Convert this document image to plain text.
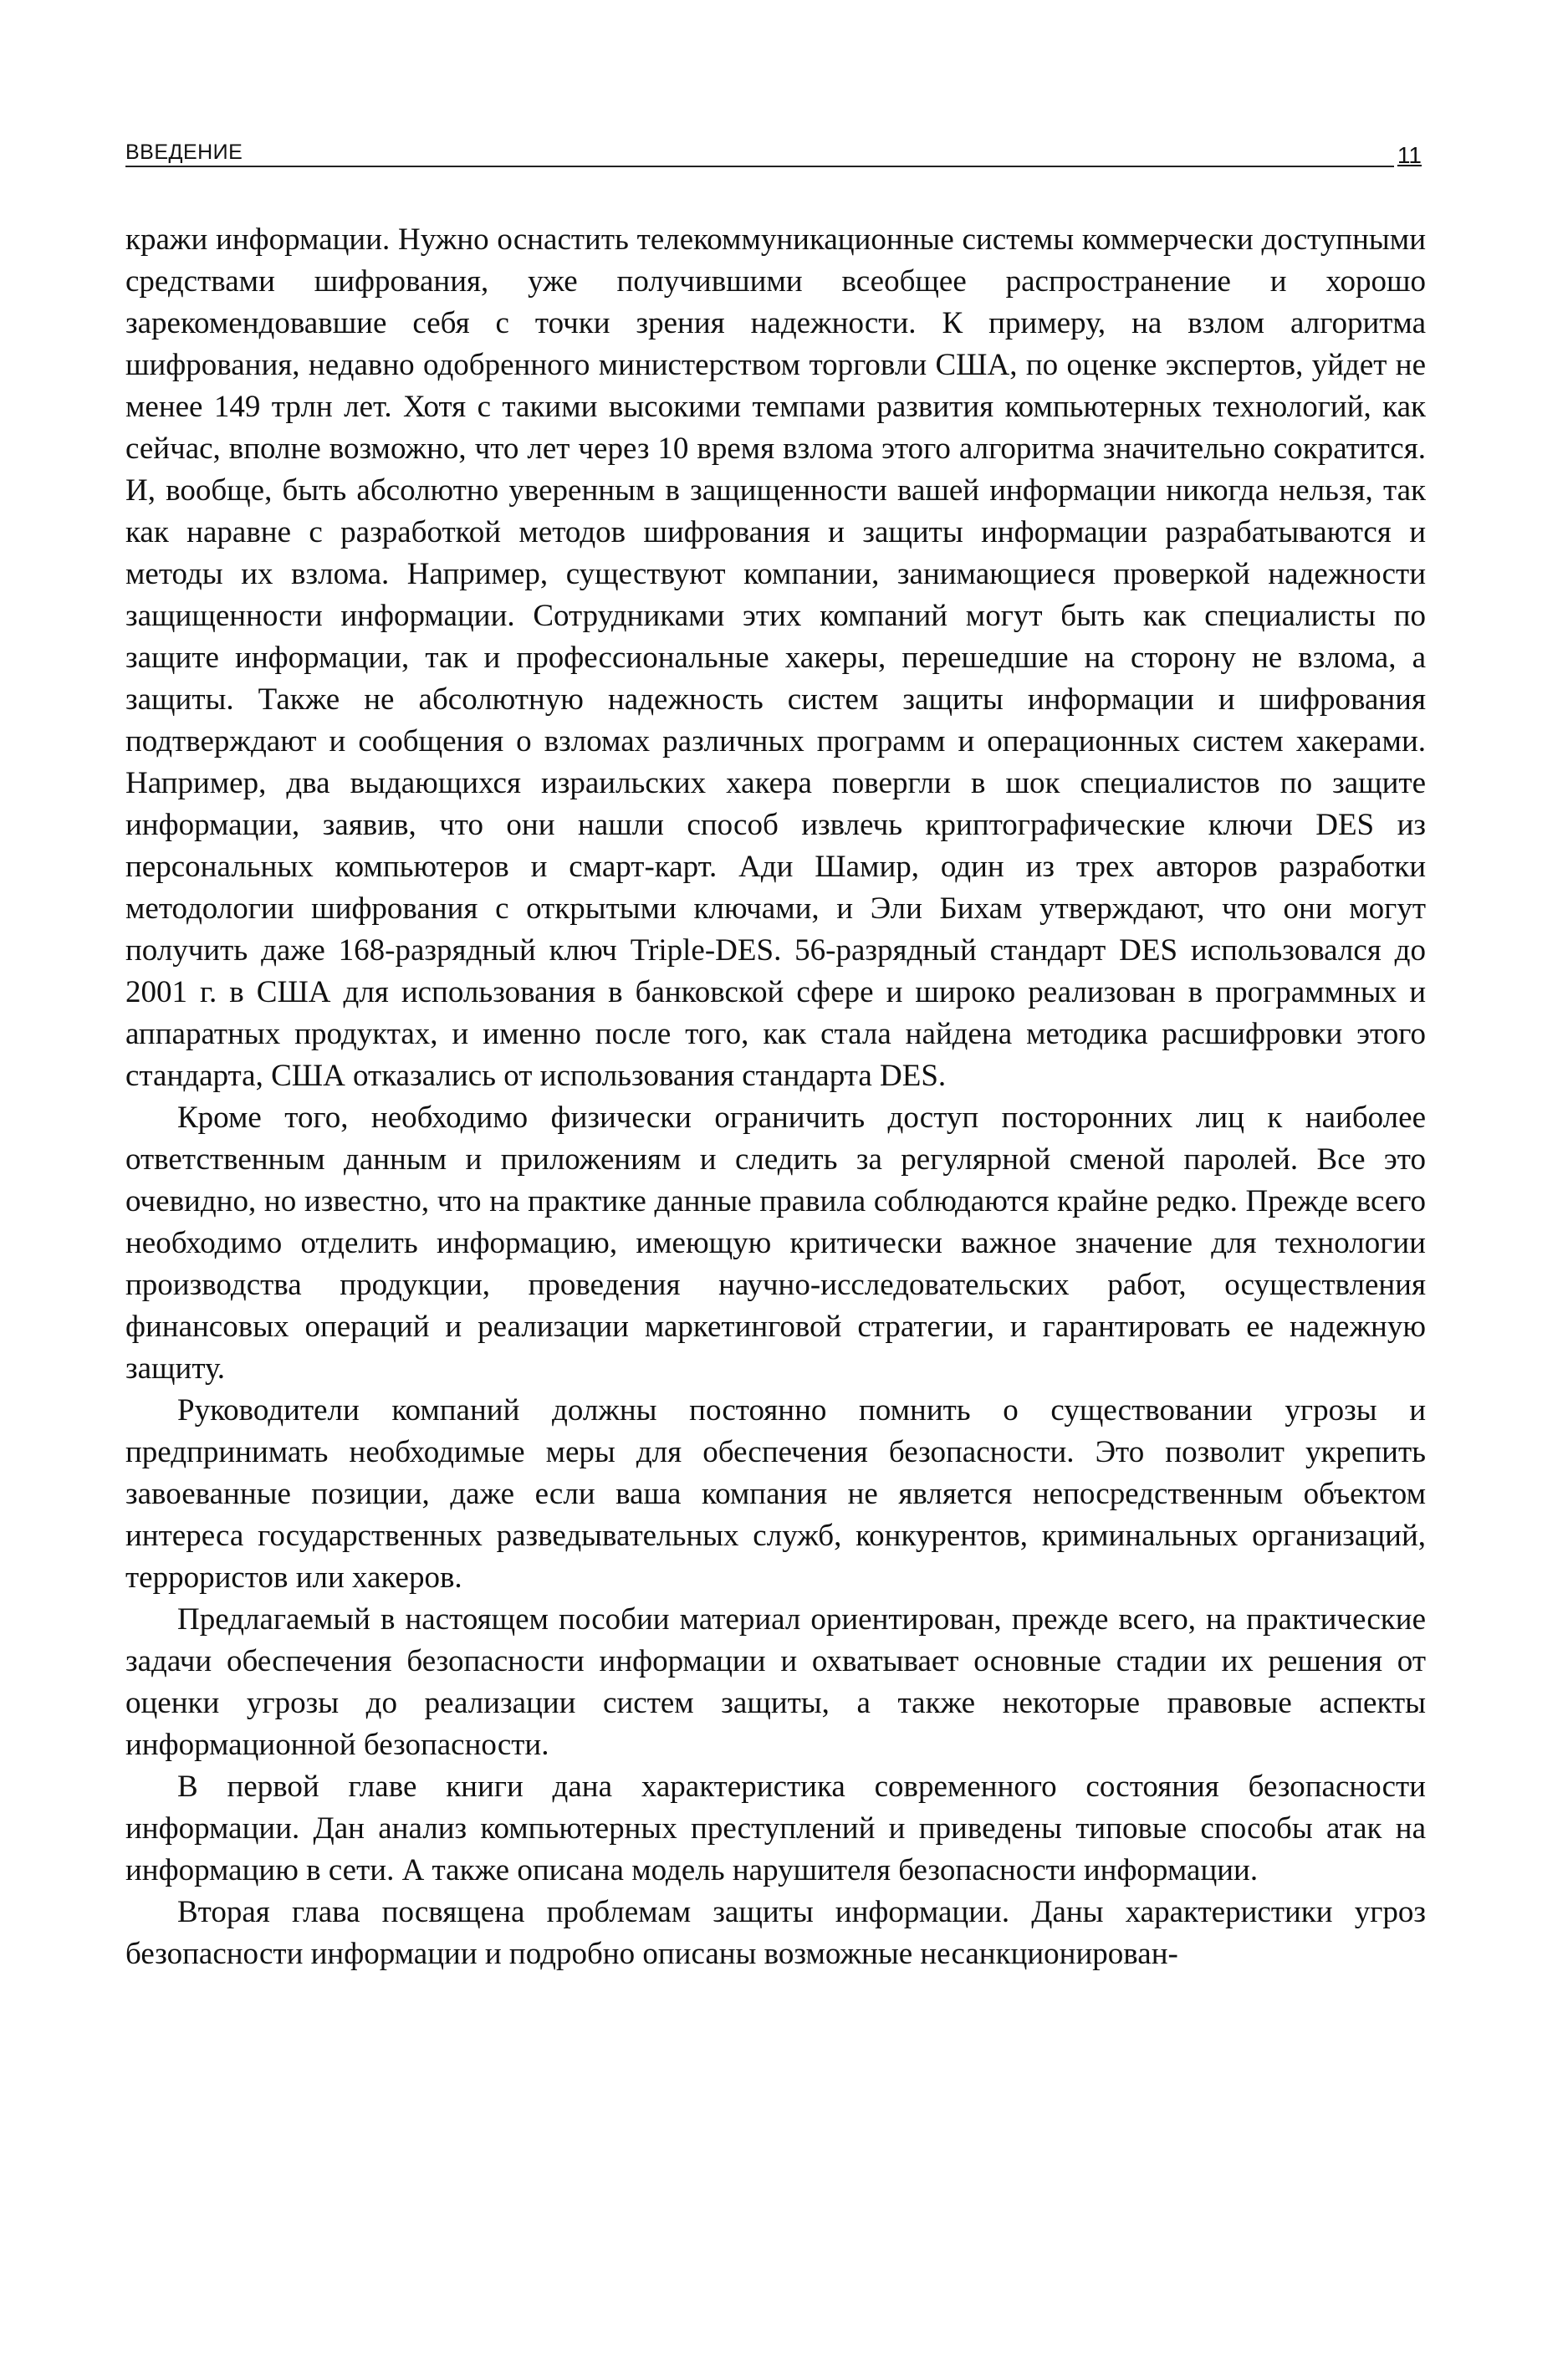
ВВЕДЕНИЕ	11

кражи информации. Нужно оснастить телекоммуникационные системы коммерчески доступными средствами шифрования, уже получившими всеобщее распространение и хорошо зарекомендовавшие себя с точки зрения надежности. К примеру, на взлом алгоритма шифрования, недавно одобренного министерством торговли США, по оценке экспертов, уйдет не менее 149 трлн лет. Хотя с такими высокими темпами развития компьютерных технологий, как сейчас, вполне возможно, что лет через 10 время взлома этого алгоритма значительно сократится. И, вообще, быть абсолютно уверенным в защищенности вашей информации никогда нельзя, так как наравне с разработкой методов шифрования и защиты информации разрабатываются и методы их взлома. Например, существуют компании, занимающиеся проверкой надежности защищенности информации. Сотрудниками этих компаний могут быть как специалисты по защите информации, так и профессиональные хакеры, перешедшие на сторону не взлома, а защиты. Также не абсолютную надежность систем защиты информации и шифрования подтверждают и сообщения о взломах различных программ и операционных систем хакерами. Например, два выдающихся израильских хакера повергли в шок специалистов по защите информации, заявив, что они нашли способ извлечь криптографические ключи DES из персональных компьютеров и смарт-карт. Ади Шамир, один из трех авторов разработки методологии шифрования с открытыми ключами, и Эли Бихам утверждают, что они могут получить даже 168-разрядный ключ Triple-DES. 56-разрядный стандарт DES использовался до 2001 г. в США для использования в банковской сфере и широко реализован в программных и аппаратных продуктах, и именно после того, как стала найдена методика расшифровки этого стандарта, США отказались от использования стандарта DES.

Кроме того, необходимо физически ограничить доступ посторонних лиц к наиболее ответственным данным и приложениям и следить за регулярной сменой паролей. Все это очевидно, но известно, что на практике данные правила соблюдаются крайне редко. Прежде всего необходимо отделить информацию, имеющую критически важное значение для технологии производства продукции, проведения научно-исследовательских работ, осуществления финансовых операций и реализации маркетинговой стратегии, и гарантировать ее надежную защиту.

Руководители компаний должны постоянно помнить о существовании угрозы и предпринимать необходимые меры для обеспечения безопасности. Это позволит укрепить завоеванные позиции, даже если ваша компания не является непосредственным объектом интереса государственных разведывательных служб, конкурентов, криминальных организаций, террористов или хакеров.

Предлагаемый в настоящем пособии материал ориентирован, прежде всего, на практические задачи обеспечения безопасности информации и охватывает основные стадии их решения от оценки угрозы до реализации систем защиты, а также некоторые правовые аспекты информационной безопасности.

В первой главе книги дана характеристика современного состояния безопасности информации. Дан анализ компьютерных преступлений и приведены типовые способы атак на информацию в сети. А также описана модель нарушителя безопасности информации.

Вторая глава посвящена проблемам защиты информации. Даны характеристики угроз безопасности информации и подробно описаны возможные несанкционирован-
